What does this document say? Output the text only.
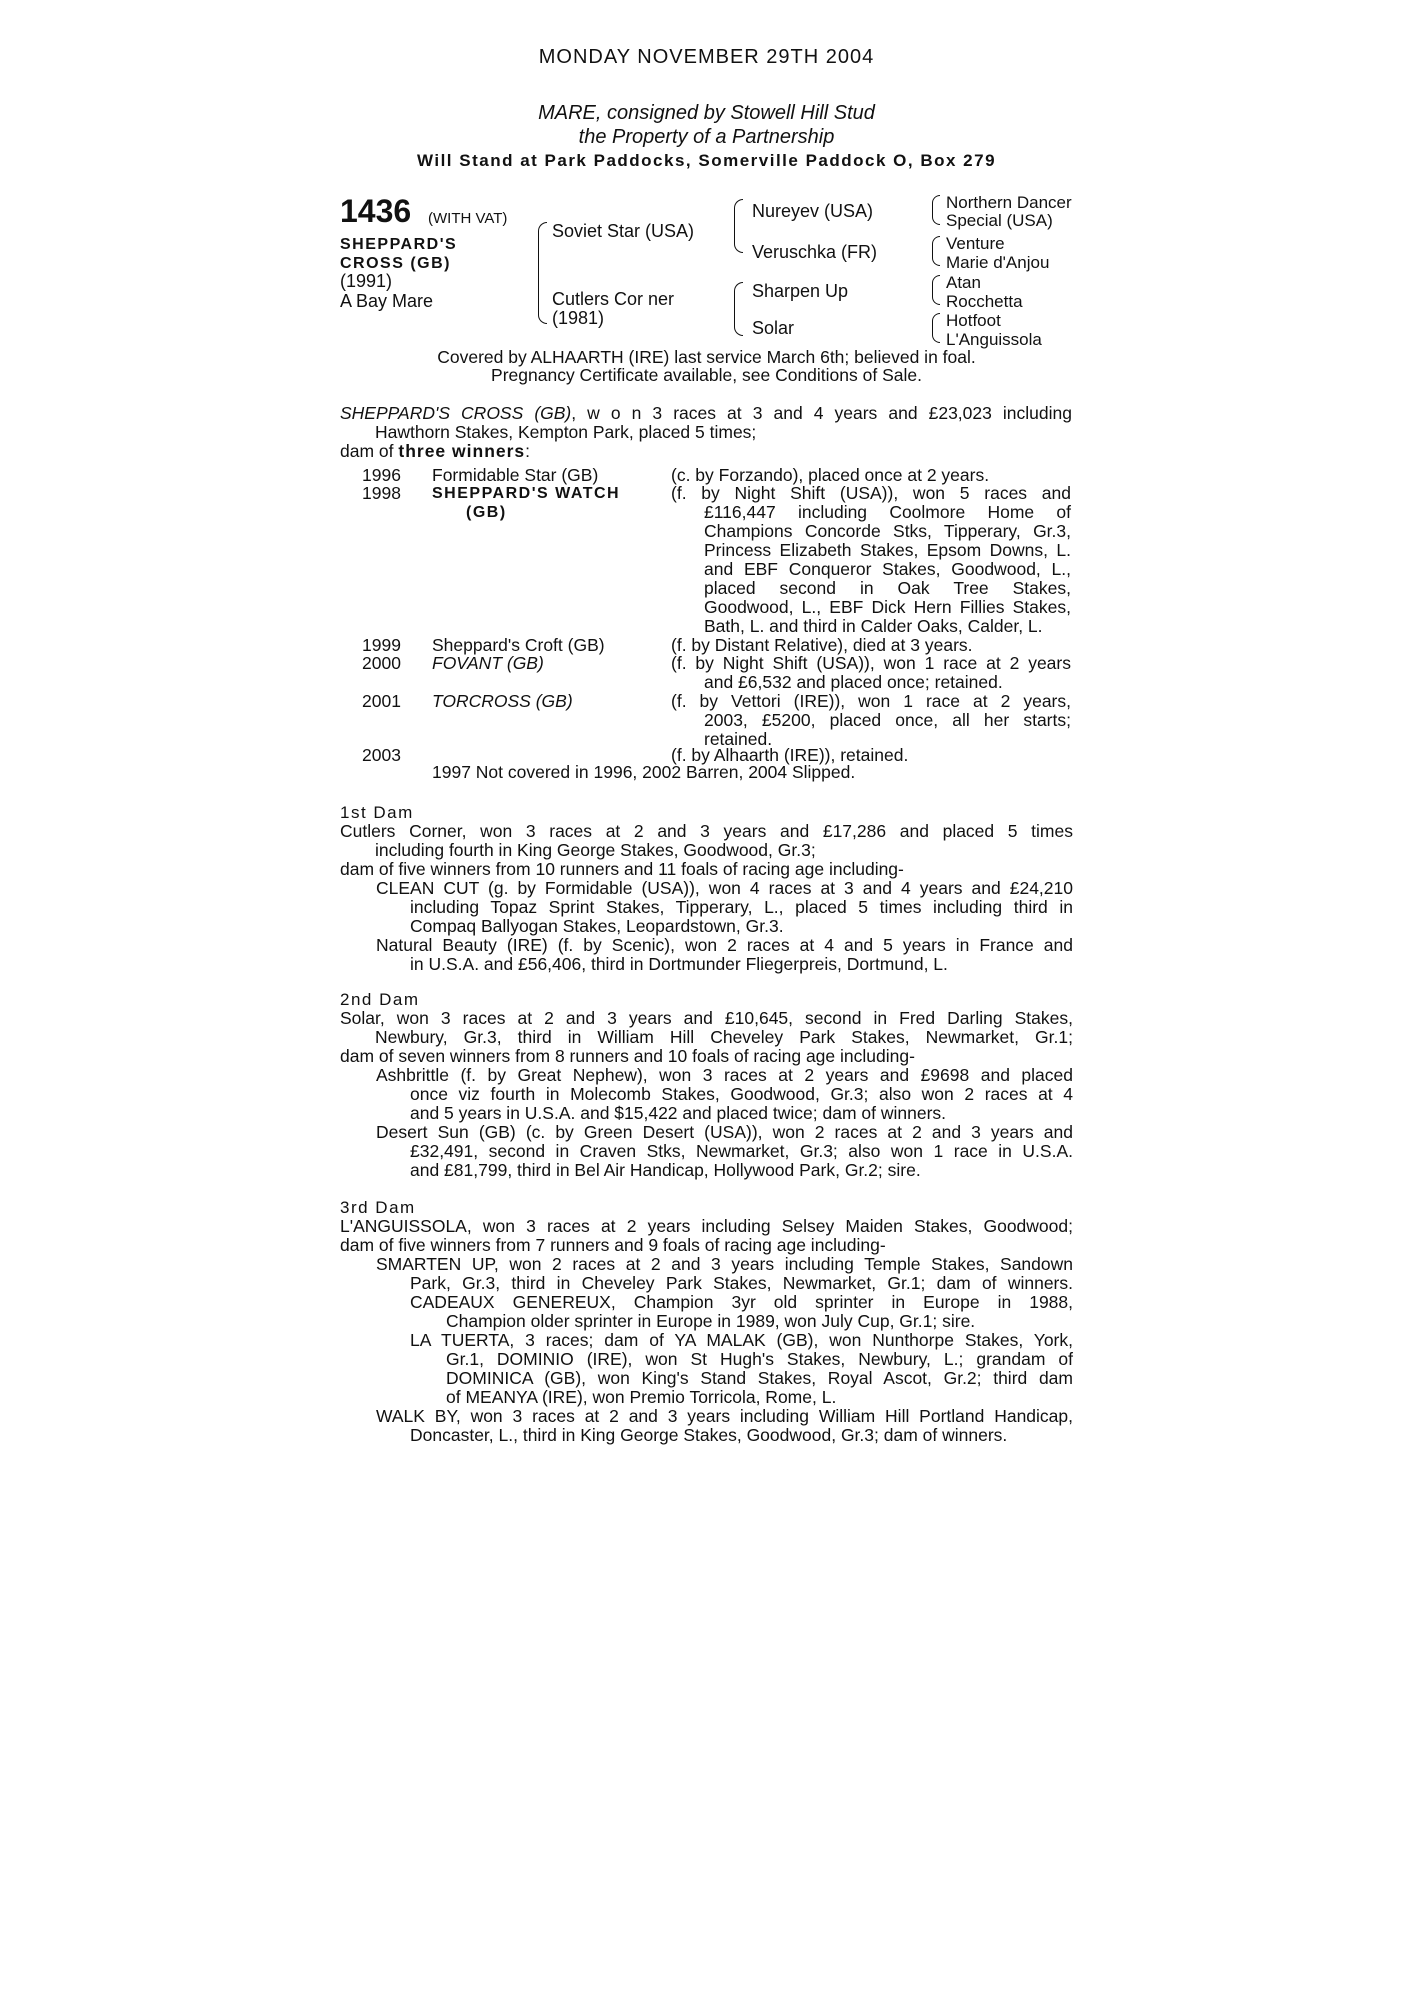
MONDAY NOVEMBER 29TH 2004
MARE, consigned by Stowell Hill Stud
the Property of a Partnership
Will Stand at Park Paddocks, Somerville Paddock O, Box 279
1436 (WITH VAT)
SHEPPARD'S
CROSS (GB)
(1991)
A Bay Mare
Soviet Star (USA)
Cutlers Cor ner
(1981)
Nureyev (USA)
Veruschka (FR)
Sharpen Up
Solar
Northern Dancer
Special (USA)
Venture
Marie d'Anjou
Atan
Rocchetta
Hotfoot
L'Anguissola
Covered by ALHAARTH (IRE) last service March 6th; believed in foal.
Pregnancy Certificate available, see Conditions of Sale.
SHEPPARD'S CROSS (GB), w o n 3 races at 3 and 4 years and £23,023 including
Hawthorn Stakes, Kempton Park, placed 5 times;
dam of three winners:
1996 Formidable Star (GB)	(c. by Forzando), placed once at 2 years.
1998 SHEPPARD'S WATCH
(GB)
(f. by Night Shift (USA)), won 5 races and
£116,447 including Coolmore Home of
Champions Concorde Stks, Tipperary, Gr.3,
Princess Elizabeth Stakes, Epsom Downs, L.
and EBF Conqueror Stakes, Goodwood, L.,
placed second in Oak Tree Stakes,
Goodwood, L., EBF Dick Hern Fillies Stakes,
Bath, L. and third in Calder Oaks, Calder, L.
1999 Sheppard's Croft (GB)	(f. by Distant Relative), died at 3 years.
2000 FOVANT (GB)	(f. by Night Shift (USA)), won 1 race at 2 years
and £6,532 and placed once; retained.
2001 TORCROSS (GB)	(f. by Vettori (IRE)), won 1 race at 2 years,
2003, £5200, placed once, all her starts;
retained.
2003	(f. by Alhaarth (IRE)), retained.
1997 Not covered in 1996, 2002 Barren, 2004 Slipped.
1st Dam
Cutlers Corner, won 3 races at 2 and 3 years and £17,286 and placed 5 times
including fourth in King George Stakes, Goodwood, Gr.3;
dam of five winners from 10 runners and 11 foals of racing age including-
CLEAN CUT (g. by Formidable (USA)), won 4 races at 3 and 4 years and £24,210
including Topaz Sprint Stakes, Tipperary, L., placed 5 times including third in
Compaq Ballyogan Stakes, Leopardstown, Gr.3.
Natural Beauty (IRE) (f. by Scenic), won 2 races at 4 and 5 years in France and
in U.S.A. and £56,406, third in Dortmunder Fliegerpreis, Dortmund, L.
2nd Dam
Solar, won 3 races at 2 and 3 years and £10,645, second in Fred Darling Stakes,
Newbury, Gr.3, third in William Hill Cheveley Park Stakes, Newmarket, Gr.1;
dam of seven winners from 8 runners and 10 foals of racing age including-
Ashbrittle (f. by Great Nephew), won 3 races at 2 years and £9698 and placed
once viz fourth in Molecomb Stakes, Goodwood, Gr.3; also won 2 races at 4
and 5 years in U.S.A. and $15,422 and placed twice; dam of winners.
Desert Sun (GB) (c. by Green Desert (USA)), won 2 races at 2 and 3 years and
£32,491, second in Craven Stks, Newmarket, Gr.3; also won 1 race in U.S.A.
and £81,799, third in Bel Air Handicap, Hollywood Park, Gr.2; sire.
3rd Dam
L'ANGUISSOLA, won 3 races at 2 years including Selsey Maiden Stakes, Goodwood;
dam of five winners from 7 runners and 9 foals of racing age including-
SMARTEN UP, won 2 races at 2 and 3 years including Temple Stakes, Sandown
Park, Gr.3, third in Cheveley Park Stakes, Newmarket, Gr.1; dam of winners.
CADEAUX GENEREUX, Champion 3yr old sprinter in Europe in 1988,
Champion older sprinter in Europe in 1989, won July Cup, Gr.1; sire.
LA TUERTA, 3 races; dam of YA MALAK (GB), won Nunthorpe Stakes, York,
Gr.1, DOMINIO (IRE), won St Hugh's Stakes, Newbury, L.; grandam of
DOMINICA (GB), won King's Stand Stakes, Royal Ascot, Gr.2; third dam
of MEANYA (IRE), won Premio Torricola, Rome, L.
WALK BY, won 3 races at 2 and 3 years including William Hill Portland Handicap,
Doncaster, L., third in King George Stakes, Goodwood, Gr.3; dam of winners.
